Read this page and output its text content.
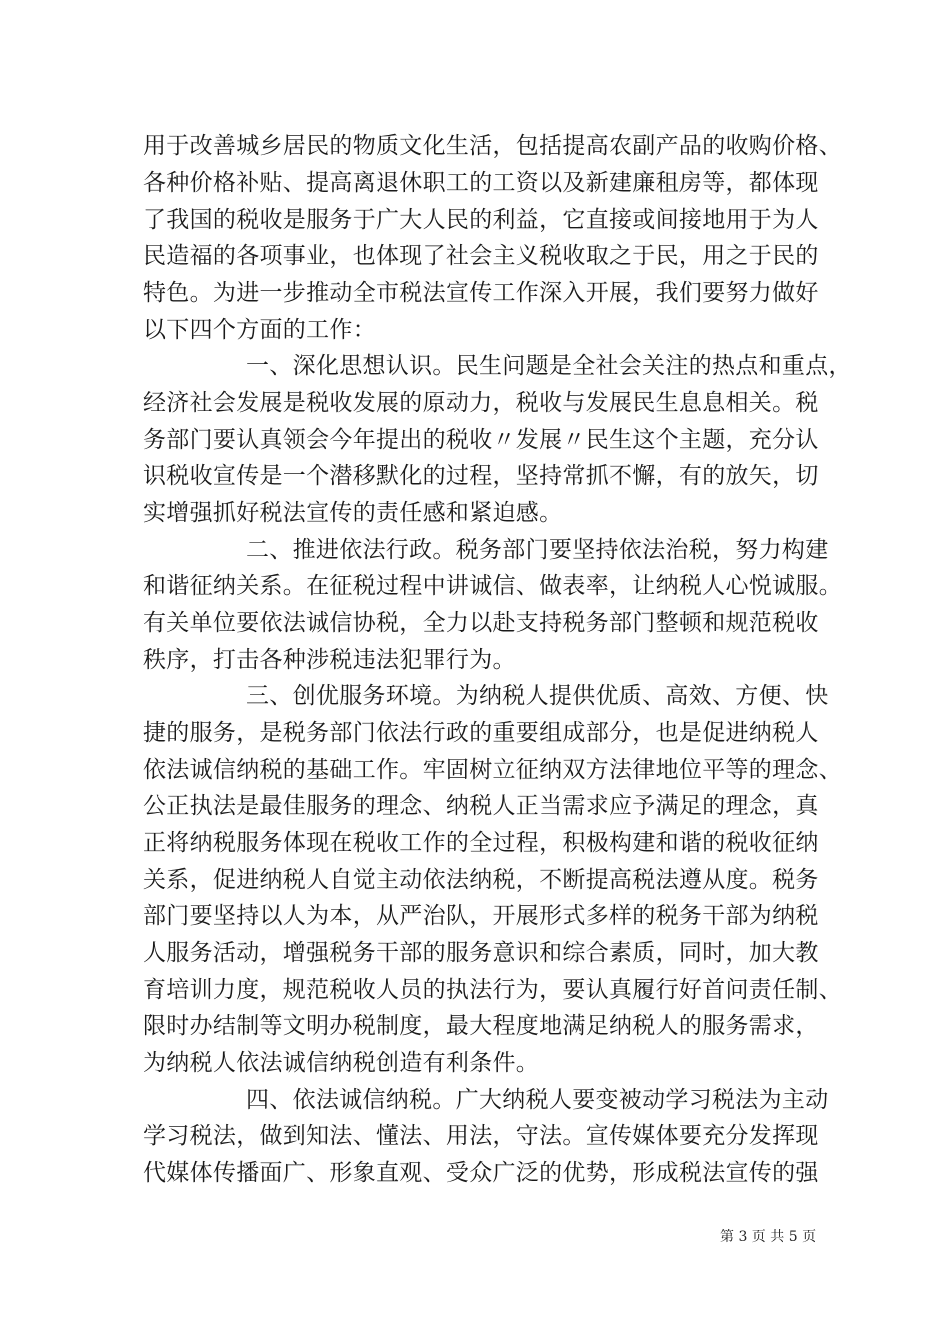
用于改善城乡居民的物质文化生活，包括提高农副产品的收购价格、
各种价格补贴、提高离退休职工的工资以及新建廉租房等，都体现
了我国的税收是服务于广大人民的利益，它直接或间接地用于为人
民造福的各项事业，也体现了社会主义税收取之于民，用之于民的
特色。为进一步推动全市税法宣传工作深入开展，我们要努力做好
以下四个方面的工作：
一、深化思想认识。民生问题是全社会关注的热点和重点，
经济社会发展是税收发展的原动力，税收与发展民生息息相关。税
务部门要认真领会今年提出的税收〃发展〃民生这个主题，充分认
识税收宣传是一个潜移默化的过程，坚持常抓不懈，有的放矢，切
实增强抓好税法宣传的责任感和紧迫感。
二、推进依法行政。税务部门要坚持依法治税，努力构建
和谐征纳关系。在征税过程中讲诚信、做表率，让纳税人心悦诚服。
有关单位要依法诚信协税，全力以赴支持税务部门整顿和规范税收
秩序，打击各种涉税违法犯罪行为。
三、创优服务环境。为纳税人提供优质、高效、方便、快
捷的服务，是税务部门依法行政的重要组成部分，也是促进纳税人
依法诚信纳税的基础工作。牢固树立征纳双方法律地位平等的理念、
公正执法是最佳服务的理念、纳税人正当需求应予满足的理念，真
正将纳税服务体现在税收工作的全过程，积极构建和谐的税收征纳
关系，促进纳税人自觉主动依法纳税，不断提高税法遵从度。税务
部门要坚持以人为本，从严治队，开展形式多样的税务干部为纳税
人服务活动，增强税务干部的服务意识和综合素质，同时，加大教
育培训力度，规范税收人员的执法行为，要认真履行好首问责任制、
限时办结制等文明办税制度，最大程度地满足纳税人的服务需求，
为纳税人依法诚信纳税创造有利条件。
四、依法诚信纳税。广大纳税人要变被动学习税法为主动
学习税法，做到知法、懂法、用法，守法。宣传媒体要充分发挥现
代媒体传播面广、形象直观、受众广泛的优势，形成税法宣传的强
第 3 页 共 5 页
